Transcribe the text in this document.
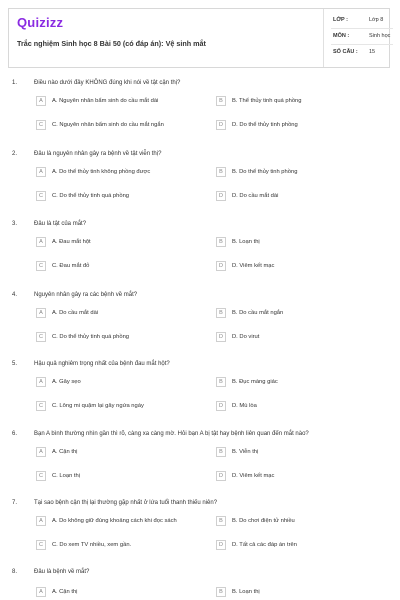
Quizizz
Trắc nghiệm Sinh học 8 Bài 50 (có đáp án): Vệ sinh mắt
LỚP :	Lớp 8
MÔN :	Sinh học
SỐ CÂU :	15
1.	Điều nào dưới đây KHÔNG đúng khi nói về tật cận thị?
A	A. Nguyên nhân bẩm sinh do cầu mắt dài	B	B. Thể thủy tinh quá phồng
C	C. Nguyên nhân bẩm sinh do cầu mắt ngắn	D	D. Do thể thủy tinh phồng
2.	Đâu là nguyên nhân gây ra bệnh về tật viễn thị?
A	A. Do thể thủy tinh không phồng được	B	B. Do thể thủy tinh phồng
C	C. Do thể thủy tinh quá phồng	D	D. Do cầu mắt dài
3.	Đâu là tật của mắt?
A	A. Đau mắt hột	B	B. Loạn thị
C	C. Đau mắt đỏ	D	D. Viêm kết mạc
4.	Nguyên nhân gây ra các bệnh về mắt?
A	A. Do cầu mắt dài	B	B. Do cầu mắt ngắn
C	C. Do thể thủy tinh quá phồng	D	D. Do virut
5.	Hậu quả nghiêm trọng nhất của bệnh đau mắt hột?
A	A. Gây sẹo	B	B. Đục màng giác
C	C. Lông mi quặm lại gây ngứa ngáy	D	D. Mù lòa
6.	Bạn A bình thường nhìn gần thì rõ, càng xa càng mờ. Hỏi bạn A bị tật hay bệnh liên quan đến mắt nào?
A	A. Cận thị	B	B. Viễn thị
C	C. Loạn thị	D	D. Viêm kết mạc
7.	Tại sao bệnh cận thị lại thường gặp nhất ở lứa tuổi thanh thiếu niên?
A	A. Do không giữ đúng khoảng cách khi đọc sách	B	B. Do chơi điện tử nhiều
C	C. Do xem TV nhiều, xem gần.	D	D. Tất cả các đáp án trên
8.	Đâu là bệnh về mắt?
A	A. Cận thị	B	B. Loạn thị
